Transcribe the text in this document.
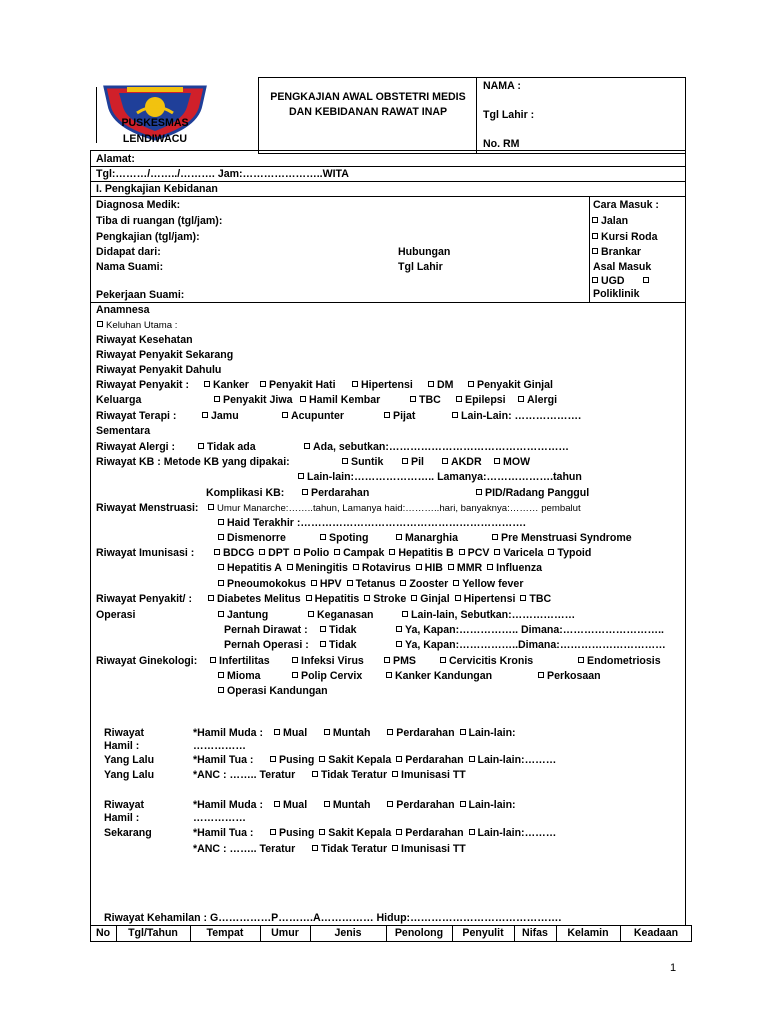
PUSKESMAS LENDIWACU
PENGKAJIAN AWAL OBSTETRI MEDIS DAN KEBIDANAN RAWAT INAP
NAMA :
Tgl Lahir :
No. RM
Alamat:
Tgl:………/……../………. Jam:…………………..WITA
I. Pengkajian Kebidanan
Diagnosa Medik:
Tiba di ruangan (tgl/jam):
Pengkajian (tgl/jam):
Didapat dari:	Hubungan
Nama Suami:	Tgl Lahir
Pekerjaan Suami:
Cara Masuk :
Jalan
Kursi Roda
Brankar
Asal Masuk
UGD
Poliklinik
Anamnesa
Keluhan Utama :
Riwayat Kesehatan
Riwayat Penyakit Sekarang
Riwayat Penyakit Dahulu
Riwayat Penyakit :	Kanker	Penyakit Hati	Hipertensi	DM	Penyakit Ginjal
Keluarga	Penyakit Jiwa	Hamil Kembar	TBC	Epilepsi	Alergi
Riwayat Terapi :	Jamu	Acupunter	Pijat	Lain-Lain: ……………….
Sementara
Riwayat Alergi :	Tidak ada	Ada, sebutkan:……………………………………………
Riwayat KB : Metode KB yang dipakai:	Suntik	Pil	AKDR	MOW
Lain-lain:………………….. Lamanya:……………….tahun
Komplikasi KB:	Perdarahan	PID/Radang Panggul
Riwayat Menstruasi:	Umur Manarche:……..tahun, Lamanya haid:………..hari, banyaknya:……… pembalut
Haid Terakhir :……………………………………………………….
Dismenorre	Spoting	Manarghia	Pre Menstruasi Syndrome
Riwayat Imunisasi :	BDCG DPT Polio Campak Hepatitis B PCV Varicela Typoid
Hepatitis A Meningitis Rotavirus HIB MMR Influenza
Pneoumokokus HPV Tetanus Zooster Yellow fever
Riwayat Penyakit/ :
Operasi
Diabetes Melitus Hepatitis Stroke Ginjal Hipertensi TBC
Jantung	Keganasan	Lain-lain, Sebutkan:………………
Pernah Dirawat :	Tidak	Ya, Kapan:…………….. Dimana:………………………..
Pernah Operasi :	Tidak	Ya, Kapan:……………..Dimana:…………………………
Riwayat Ginekologi:	Infertilitas	Infeksi Virus	PMS	Cervicitis Kronis	Endometriosis
Mioma	Polip Cervix	Kanker Kandungan	Perkosaan
Operasi Kandungan
Riwayat
Hamil :
Yang Lalu
Yang Lalu
*Hamil Muda :	Mual Muntah Perdarahan Lain-lain:
……………
*Hamil Tua :	Pusing Sakit Kepala Perdarahan Lain-lain:………
*ANC : …….. Teratur Tidak Teratur Imunisasi TT
Riwayat
Hamil :
Sekarang
*Hamil Muda :	Mual Muntah Perdarahan Lain-lain:
……………
*Hamil Tua :	Pusing Sakit Kepala Perdarahan Lain-lain:………
*ANC : …….. Teratur Tidak Teratur Imunisasi TT
Riwayat Kehamilan : G……………P……….A…………… Hidup:…………………………………….
No	Tgl/Tahun	Tempat	Umur	Jenis	Penolong	Penyulit	Nifas	Kelamin	Keadaan
1
